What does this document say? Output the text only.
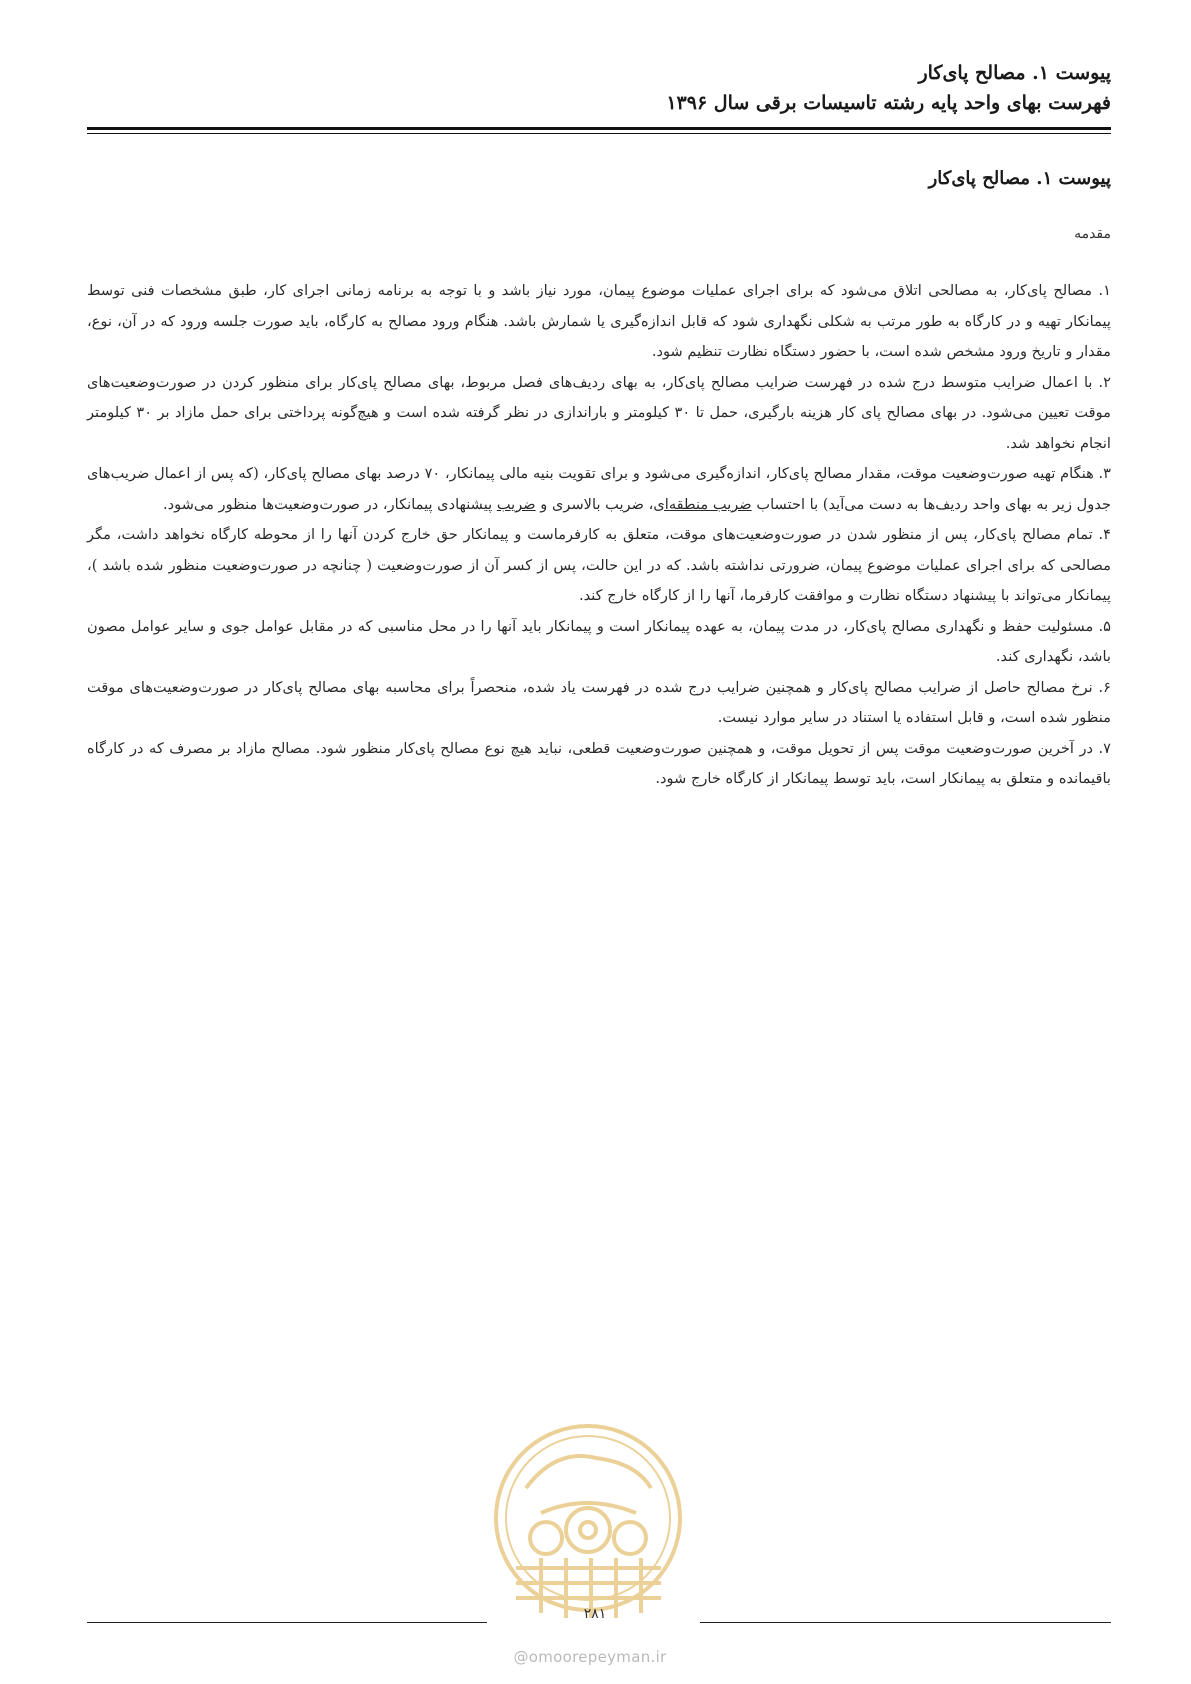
پیوست ۱. مصالح پای‌کار
فهرست بهای واحد پایه رشته تاسیسات برقی سال ۱۳۹۶
پیوست ۱. مصالح پای‌کار
مقدمه

۱. مصالح پای‌کار، به مصالحی اتلاق می‌شود که برای اجرای عملیات موضوع پیمان، مورد نیاز باشد و با توجه به برنامه زمانی اجرای کار، طبق مشخصات فنی توسط پیمانکار تهیه و در کارگاه به طور مرتب به شکلی نگهداری شود که قابل اندازه‌گیری یا شمارش باشد. هنگام ورود مصالح به کارگاه، باید صورت جلسه ورود که در آن، نوع، مقدار و تاریخ ورود مشخص شده است، با حضور دستگاه نظارت تنظیم شود.

۲. با اعمال ضرایب متوسط درج شده در فهرست ضرایب مصالح پای‌کار، به بهای ردیف‌های فصل مربوط، بهای مصالح پای‌کار برای منظور کردن در صورت‌وضعیت‌های موقت تعیین می‌شود. در بهای مصالح پای کار هزینه بارگیری، حمل تا ۳۰ کیلومتر و باراندازی در نظر گرفته شده است و هیچ‌گونه پرداختی برای حمل مازاد بر ۳۰ کیلومتر انجام نخواهد شد.

۳. هنگام تهیه صورت‌وضعیت موقت، مقدار مصالح پای‌کار، اندازه‌گیری می‌شود و برای تقویت بنیه مالی پیمانکار، ۷۰ درصد بهای مصالح پای‌کار، (که پس از اعمال ضریب‌های جدول زیر به بهای واحد ردیف‌ها به دست می‌آید) با احتساب ضریب منطقه‌ای، ضریب بالاسری و ضریب پیشنهادی پیمانکار، در صورت‌وضعیت‌ها منظور می‌شود.

۴. تمام مصالح پای‌کار، پس از منظور شدن در صورت‌وضعیت‌های موقت، متعلق به کارفرماست و پیمانکار حق خارج کردن آنها را از محوطه کارگاه نخواهد داشت، مگر مصالحی که برای اجرای عملیات موضوع پیمان، ضرورتی نداشته باشد. که در این حالت، پس از کسر آن از صورت‌وضعیت ( چنانچه در صورت‌وضعیت منظور شده باشد )، پیمانکار می‌تواند با پیشنهاد دستگاه نظارت و موافقت کارفرما، آنها را از کارگاه خارج کند.

۵. مسئولیت حفظ و نگهداری مصالح پای‌کار، در مدت پیمان، به عهده پیمانکار است و پیمانکار باید آنها را در محل مناسبی که در مقابل عوامل جوی و سایر عوامل مصون باشد، نگهداری کند.

۶. نرخ مصالح حاصل از ضرایب مصالح پای‌کار و همچنین ضرایب درج شده در فهرست یاد شده، منحصراً برای محاسبه بهای مصالح پای‌کار در صورت‌وضعیت‌های موقت منظور شده است، و قابل استفاده یا استناد در سایر موارد نیست.

۷. در آخرین صورت‌وضعیت موقت پس از تحویل موقت، و همچنین صورت‌وضعیت قطعی، نباید هیچ نوع مصالح پای‌کار منظور شود. مصالح مازاد بر مصرف که در کارگاه باقیمانده و متعلق به پیمانکار است، باید توسط پیمانکار از کارگاه خارج شود.

۲۸۱
@omoorepeyman.ir
